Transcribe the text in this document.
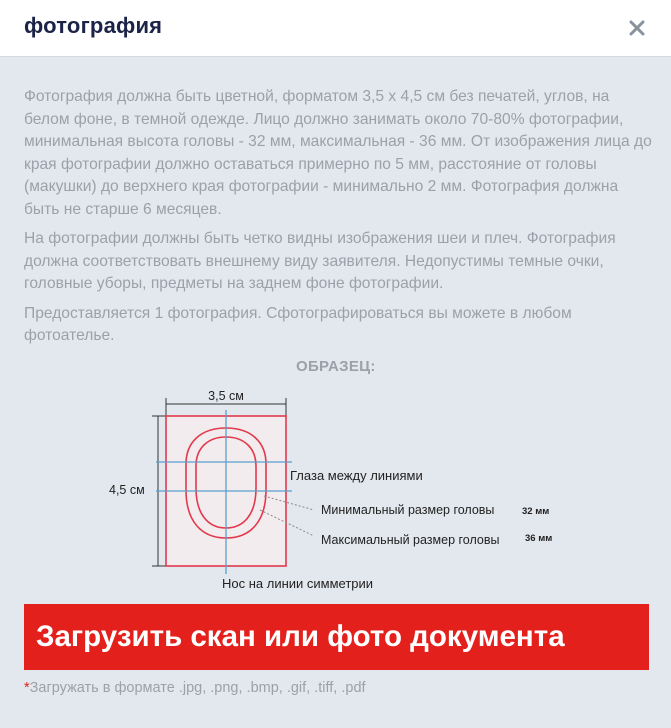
фотография

Фотография должна быть цветной, форматом 3,5 х 4,5 см без печатей, углов, на белом фоне, в темной одежде. Лицо должно занимать около 70-80% фотографии, минимальная высота головы - 32 мм, максимальная - 36 мм. От изображения лица до края фотографии должно оставаться примерно по 5 мм, расстояние от головы (макушки) до верхнего края фотографии - минимально 2 мм. Фотография должна быть не старше 6 месяцев.

На фотографии должны быть четко видны изображения шеи и плеч. Фотография должна соответствовать внешнему виду заявителя. Недопустимы темные очки, головные уборы, предметы на заднем фоне фотографии.

Предоставляется 1 фотография. Сфотографироваться вы можете в любом фотоателье.

ОБРАЗЕЦ:
3,5 см
4,5 см
Глаза между линиями
Минимальный размер головы	32 мм
Максимальный размер головы	36 мм
Нос на линии симметрии
Загрузить скан или фото документа
*Загружать в формате .jpg, .png, .bmp, .gif, .tiff, .pdf
